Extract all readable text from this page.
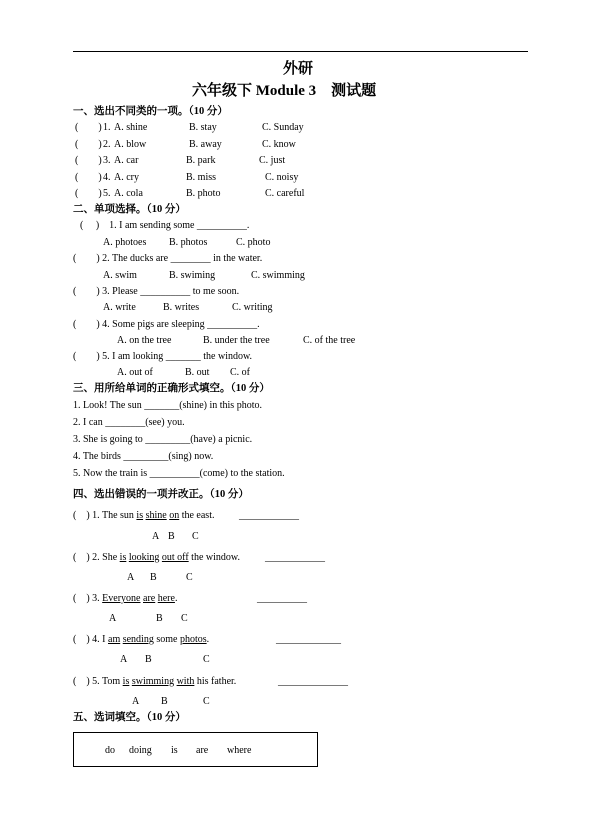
外研
六年级下 Module 3　测试题
一、选出不同类的一项。（10 分）
(　　) 1. A. shine	B. stay	C. Sunday
(　　) 2. A. blow	B. away	C. know
(　　) 3. A. car	B. park	C. just
(　　) 4. A. cry	B. miss	C. noisy
(　　) 5. A. cola	B. photo	C. careful
二、单项选择。（10 分）
(　 )　1. I am sending some __________.
A. photoes B. photos	C. photo
(　　) 2. The ducks are ________ in the water.
A. swim	B. swiming	C. swimming
(　　) 3. Please __________ to me soon.
A. write	B. writes	C. writing
(　　) 4. Some pigs are sleeping __________.
A. on the tree	B. under the tree	C. of the tree
(　　) 5. I am looking _______ the window.
A. out of	B. out C. of
三、用所给单词的正确形式填空。（10 分）
1. Look! The sun _______(shine) in this photo.
2. I can ________(see) you.
3. She is going to _________(have) a picnic.
4. The birds _________(sing) now.
5. Now the train is __________(come) to the station.
四、选出错误的一项并改正。（10 分）
(　) 1. The sun is shine on the east. ____________
A B C
(　) 2. She is looking out off the window.	____________
A B	C
(　) 3. Everyone are here.	__________
A	B C
(　) 4. I am sending some photos.	_____________
A B	C
(　) 5. Tom is swimming with his father.	______________
A B	C
五、选词填空。（10 分）
do doing is are where
